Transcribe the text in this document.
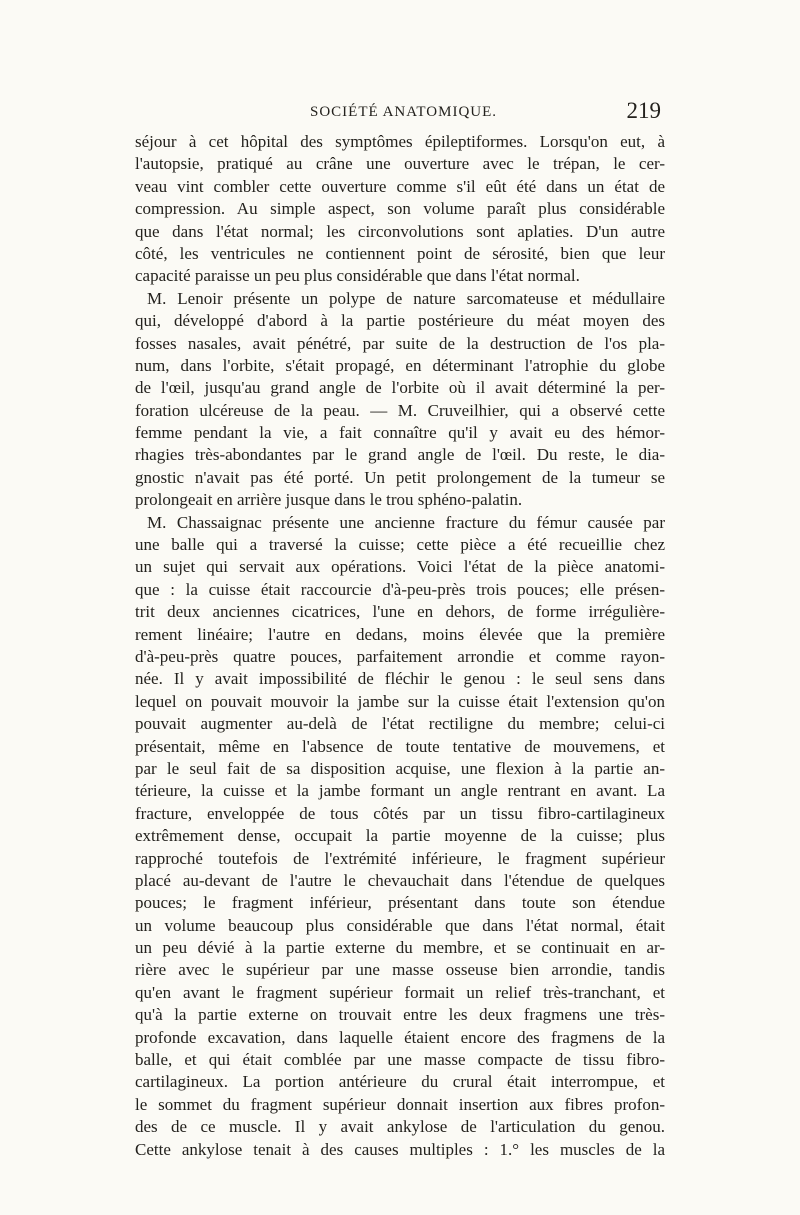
SOCIÉTÉ ANATOMIQUE.	219
séjour à cet hôpital des symptômes épileptiformes. Lorsqu'on eut, à
l'autopsie, pratiqué au crâne une ouverture avec le trépan, le cer-
veau vint combler cette ouverture comme s'il eût été dans un état de
compression. Au simple aspect, son volume paraît plus considérable
que dans l'état normal; les circonvolutions sont aplaties. D'un autre
côté, les ventricules ne contiennent point de sérosité, bien que leur
capacité paraisse un peu plus considérable que dans l'état normal.
M. Lenoir présente un polype de nature sarcomateuse et médullaire
qui, développé d'abord à la partie postérieure du méat moyen des
fosses nasales, avait pénétré, par suite de la destruction de l'os pla-
num, dans l'orbite, s'était propagé, en déterminant l'atrophie du globe
de l'œil, jusqu'au grand angle de l'orbite où il avait déterminé la per-
foration ulcéreuse de la peau. — M. Cruveilhier, qui a observé cette
femme pendant la vie, a fait connaître qu'il y avait eu des hémor-
rhagies très-abondantes par le grand angle de l'œil. Du reste, le dia-
gnostic n'avait pas été porté. Un petit prolongement de la tumeur se
prolongeait en arrière jusque dans le trou sphéno-palatin.
M. Chassaignac présente une ancienne fracture du fémur causée par
une balle qui a traversé la cuisse; cette pièce a été recueillie chez
un sujet qui servait aux opérations. Voici l'état de la pièce anatomi-
que : la cuisse était raccourcie d'à-peu-près trois pouces; elle présen-
trit deux anciennes cicatrices, l'une en dehors, de forme irrégulière-
rement linéaire; l'autre en dedans, moins élevée que la première
d'à-peu-près quatre pouces, parfaitement arrondie et comme rayon-
née. Il y avait impossibilité de fléchir le genou : le seul sens dans
lequel on pouvait mouvoir la jambe sur la cuisse était l'extension qu'on
pouvait augmenter au-delà de l'état rectiligne du membre; celui-ci
présentait, même en l'absence de toute tentative de mouvemens, et
par le seul fait de sa disposition acquise, une flexion à la partie an-
térieure, la cuisse et la jambe formant un angle rentrant en avant. La
fracture, enveloppée de tous côtés par un tissu fibro-cartilagineux
extrêmement dense, occupait la partie moyenne de la cuisse; plus
rapproché toutefois de l'extrémité inférieure, le fragment supérieur
placé au-devant de l'autre le chevauchait dans l'étendue de quelques
pouces; le fragment inférieur, présentant dans toute son étendue
un volume beaucoup plus considérable que dans l'état normal, était
un peu dévié à la partie externe du membre, et se continuait en ar-
rière avec le supérieur par une masse osseuse bien arrondie, tandis
qu'en avant le fragment supérieur formait un relief très-tranchant, et
qu'à la partie externe on trouvait entre les deux fragmens une très-
profonde excavation, dans laquelle étaient encore des fragmens de la
balle, et qui était comblée par une masse compacte de tissu fibro-
cartilagineux. La portion antérieure du crural était interrompue, et
le sommet du fragment supérieur donnait insertion aux fibres profon-
des de ce muscle. Il y avait ankylose de l'articulation du genou.
Cette ankylose tenait à des causes multiples : 1.° les muscles de la
